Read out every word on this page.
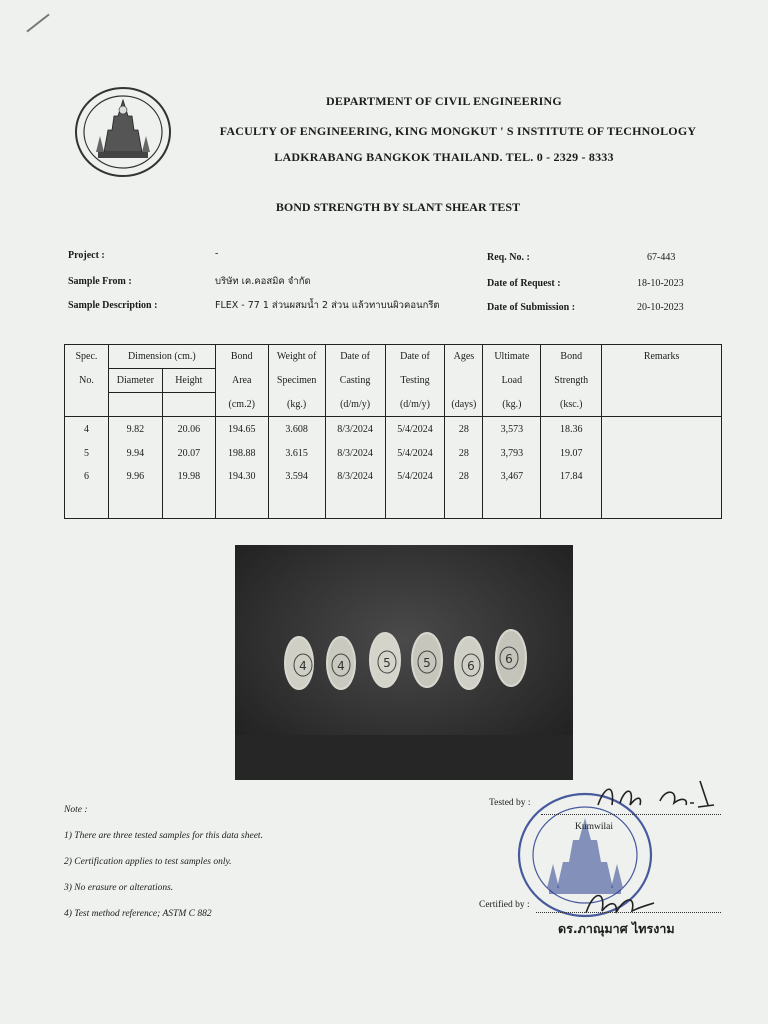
DEPARTMENT OF CIVIL ENGINEERING
FACULTY OF ENGINEERING, KING MONGKUT ' S INSTITUTE OF TECHNOLOGY
LADKRABANG BANGKOK THAILAND. TEL. 0 - 2329 - 8333
BOND STRENGTH BY SLANT SHEAR TEST
Project :	-
Sample From :	บริษัท เค.คอสมิค จำกัด
Sample Description :	FLEX - 77 1 ส่วนผสมน้ำ 2 ส่วน แล้วทาบนผิวคอนกรีต
Req. No. :	67-443
Date of Request :	18-10-2023
Date of Submission :	20-10-2023
Spec.	Dimension (cm.)		Bond	Weight of	Date of	Date of	Ages	Ultimate	Bond	Remarks
No.	Diameter	Height	Area	Specimen	Casting	Testing		Load	Strength	
			(cm.2)	(kg.)	(d/m/y)	(d/m/y)	(days)	(kg.)	(ksc.)	
4	9.82	20.06	194.65	3.608	8/3/2024	5/4/2024	28	3,573	18.36	
5	9.94	20.07	198.88	3.615	8/3/2024	5/4/2024	28	3,793	19.07	
6	9.96	19.98	194.30	3.594	8/3/2024	5/4/2024	28	3,467	17.84	
4	4	5	5	6	6
Note :
1) There are three tested samples for this data sheet.
2) Certification applies to test samples only.
3) No erasure or alterations.
4) Test method reference; ASTM C 882
Tested by :
Kumwilai
Certified by :
ดร.ภาณุมาศ ไทรงาม
